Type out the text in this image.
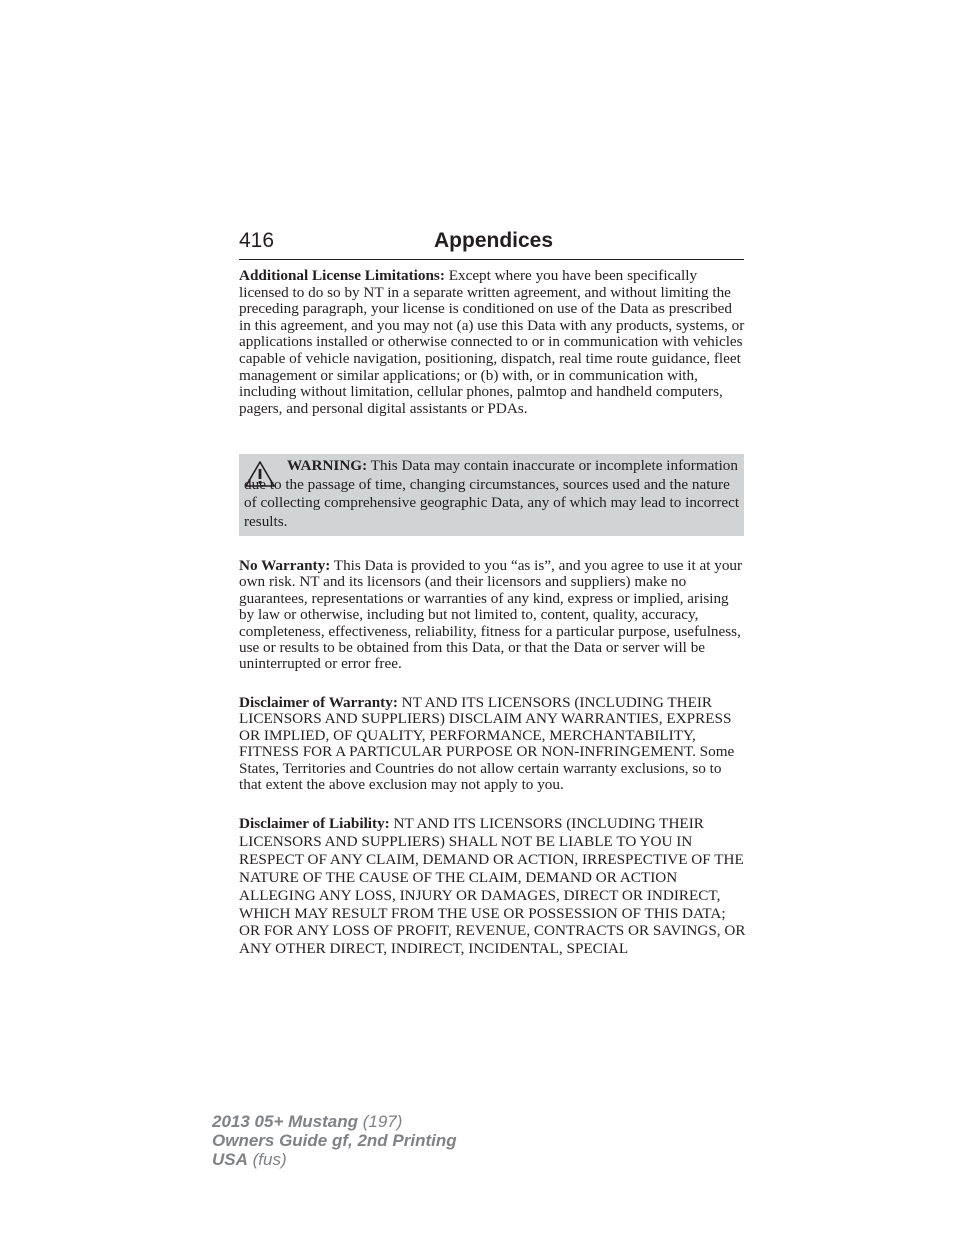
416	Appendices

Additional License Limitations: Except where you have been specifically licensed to do so by NT in a separate written agreement, and without limiting the preceding paragraph, your license is conditioned on use of the Data as prescribed in this agreement, and you may not (a) use this Data with any products, systems, or applications installed or otherwise connected to or in communication with vehicles capable of vehicle navigation, positioning, dispatch, real time route guidance, fleet management or similar applications; or (b) with, or in communication with, including without limitation, cellular phones, palmtop and handheld computers, pagers, and personal digital assistants or PDAs.

WARNING: This Data may contain inaccurate or incomplete information due to the passage of time, changing circumstances, sources used and the nature of collecting comprehensive geographic Data, any of which may lead to incorrect results.

No Warranty: This Data is provided to you “as is”, and you agree to use it at your own risk. NT and its licensors (and their licensors and suppliers) make no guarantees, representations or warranties of any kind, express or implied, arising by law or otherwise, including but not limited to, content, quality, accuracy, completeness, effectiveness, reliability, fitness for a particular purpose, usefulness, use or results to be obtained from this Data, or that the Data or server will be uninterrupted or error free.

Disclaimer of Warranty: NT AND ITS LICENSORS (INCLUDING THEIR LICENSORS AND SUPPLIERS) DISCLAIM ANY WARRANTIES, EXPRESS OR IMPLIED, OF QUALITY, PERFORMANCE, MERCHANTABILITY, FITNESS FOR A PARTICULAR PURPOSE OR NON-INFRINGEMENT. Some States, Territories and Countries do not allow certain warranty exclusions, so to that extent the above exclusion may not apply to you.

Disclaimer of Liability: NT AND ITS LICENSORS (INCLUDING THEIR LICENSORS AND SUPPLIERS) SHALL NOT BE LIABLE TO YOU IN RESPECT OF ANY CLAIM, DEMAND OR ACTION, IRRESPECTIVE OF THE NATURE OF THE CAUSE OF THE CLAIM, DEMAND OR ACTION ALLEGING ANY LOSS, INJURY OR DAMAGES, DIRECT OR INDIRECT, WHICH MAY RESULT FROM THE USE OR POSSESSION OF THIS DATA; OR FOR ANY LOSS OF PROFIT, REVENUE, CONTRACTS OR SAVINGS, OR ANY OTHER DIRECT, INDIRECT, INCIDENTAL, SPECIAL

2013 05+ Mustang (197)
Owners Guide gf, 2nd Printing
USA (fus)
